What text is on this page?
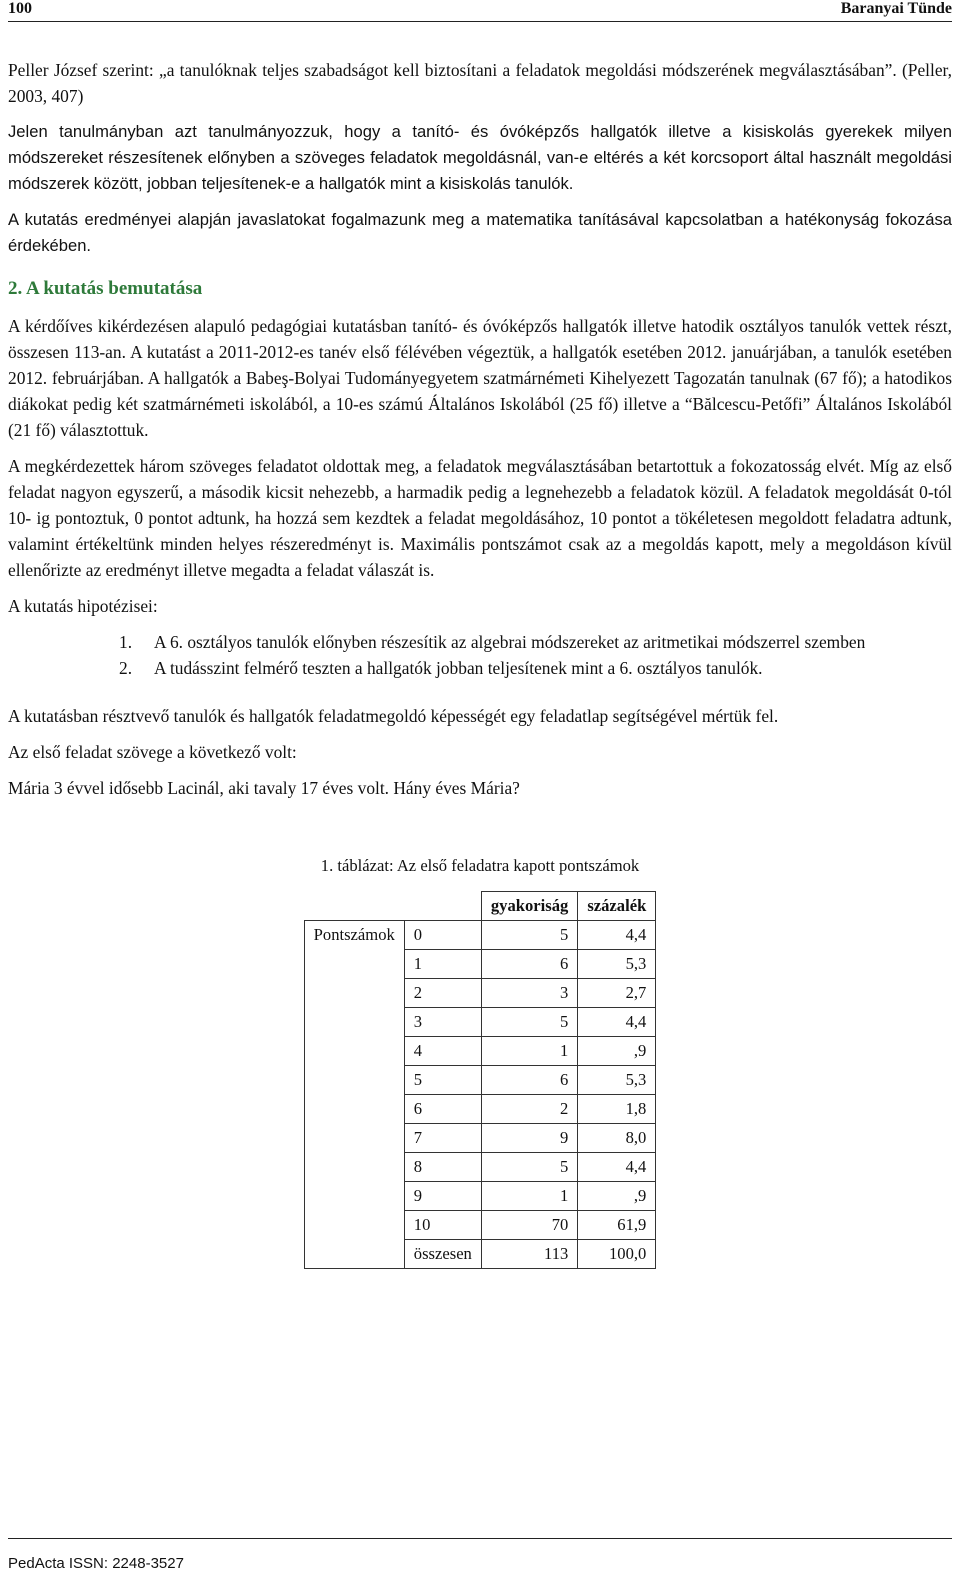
100	Baranyai Tünde

Peller József szerint: „a tanulóknak teljes szabadságot kell biztosítani a feladatok megoldási módszerének megválasztásában”. (Peller, 2003, 407)

Jelen tanulmányban azt tanulmányozzuk, hogy a tanító- és óvóképzős hallgatók illetve a kisiskolás gyerekek milyen módszereket részesítenek előnyben a szöveges feladatok megoldásnál, van-e eltérés a két korcsoport által használt megoldási módszerek között, jobban teljesítenek-e a hallgatók mint a kisiskolás tanulók.

A kutatás eredményei alapján javaslatokat fogalmazunk meg a matematika tanításával kapcsolatban a hatékonyság fokozása érdekében.

2. A kutatás bemutatása

A kérdőíves kikérdezésen alapuló pedagógiai kutatásban tanító- és óvóképzős hallgatók illetve hatodik osztályos tanulók vettek részt, összesen 113-an. A kutatást a 2011-2012-es tanév első félévében végeztük, a hallgatók esetében 2012. januárjában, a tanulók esetében 2012. februárjában. A hallgatók a Babeş-Bolyai Tudományegyetem szatmárnémeti Kihelyezett Tagozatán tanulnak (67 fő); a hatodikos diákokat pedig két szatmárnémeti iskolából, a 10-es számú Általános Iskolából (25 fő) illetve a “Bălcescu-Petőfi” Általános Iskolából (21 fő) választottuk.

A megkérdezettek három szöveges feladatot oldottak meg, a feladatok megválasztásában betartottuk a fokozatosság elvét. Míg az első feladat nagyon egyszerű, a második kicsit nehezebb, a harmadik pedig a legnehezebb a feladatok közül. A feladatok megoldását 0-tól 10- ig pontoztuk, 0 pontot adtunk, ha hozzá sem kezdtek a feladat megoldásához, 10 pontot a tökéletesen megoldott feladatra adtunk, valamint értékeltünk minden helyes részeredményt is. Maximális pontszámot csak az a megoldás kapott, mely a megoldáson kívül ellenőrizte az eredményt illetve megadta a feladat válaszát is.

A kutatás hipotézisei:

1. A 6. osztályos tanulók előnyben részesítik az algebrai módszereket az aritmetikai módszerrel szemben
2. A tudásszint felmérő teszten a hallgatók jobban teljesítenek mint a 6. osztályos tanulók.

A kutatásban résztvevő tanulók és hallgatók feladatmegoldó képességét egy feladatlap segítségével mértük fel.

Az első feladat szövege a következő volt:

Mária 3 évvel idősebb Lacinál, aki tavaly 17 éves volt. Hány éves Mária?

1. táblázat: Az első feladatra kapott pontszámok
		gyakoriság	százalék
Pontszámok	0	5	4,4
	1	6	5,3
	2	3	2,7
	3	5	4,4
	4	1	,9
	5	6	5,3
	6	2	1,8
	7	9	8,0
	8	5	4,4
	9	1	,9
	10	70	61,9
	összesen	113	100,0
PedActa ISSN: 2248-3527
